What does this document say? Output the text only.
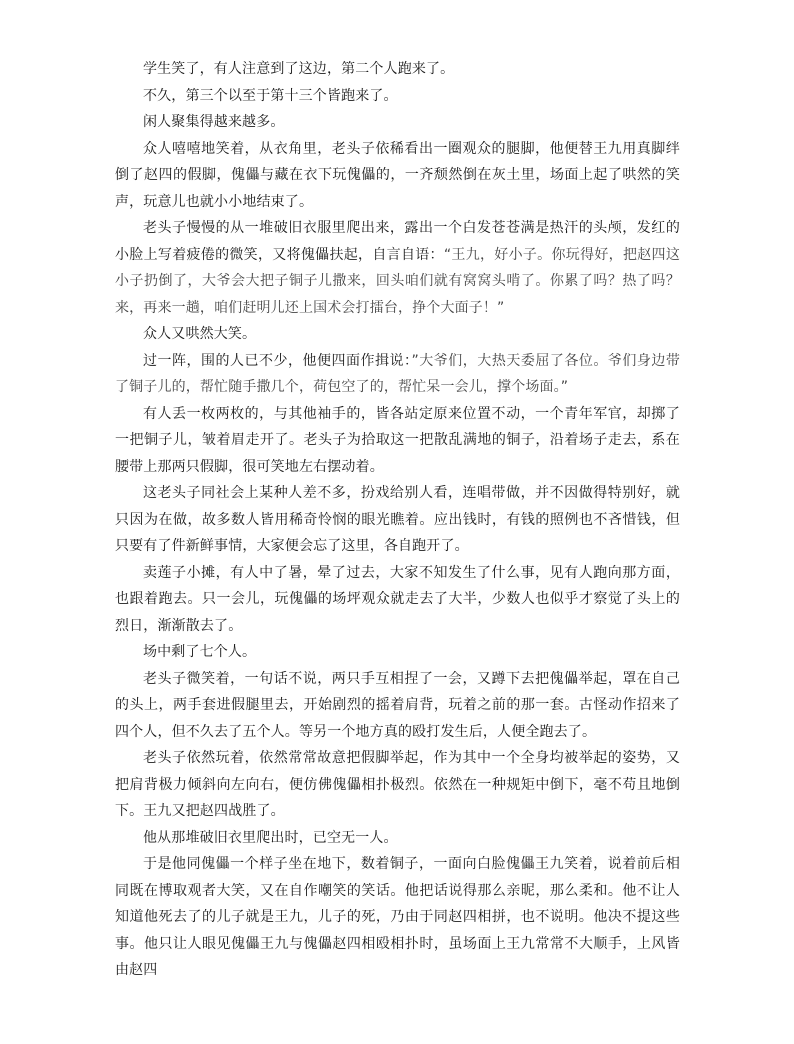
学生笑了，有人注意到了这边，第二个人跑来了。

不久，第三个以至于第十三个皆跑来了。

闲人聚集得越来越多。

众人嘻嘻地笑着，从衣角里，老头子依稀看出一圈观众的腿脚，他便替王九用真脚绊倒了赵四的假脚，傀儡与藏在衣下玩傀儡的，一齐颓然倒在灰土里，场面上起了哄然的笑声，玩意儿也就小小地结束了。

老头子慢慢的从一堆破旧衣服里爬出来，露出一个白发苍苍满是热汗的头颅，发红的小脸上写着疲倦的微笑，又将傀儡扶起，自言自语：“王九，好小子。你玩得好，把赵四这小子扔倒了，大爷会大把子铜子儿撒来，回头咱们就有窝窝头啃了。你累了吗？热了吗？来，再来一趟，咱们赶明儿还上国术会打擂台，挣个大面子！”

众人又哄然大笑。

过一阵，围的人已不少，他便四面作揖说：”大爷们，大热天委屈了各位。爷们身边带了铜子儿的，帮忙随手撒几个，荷包空了的，帮忙呆一会儿，撑个场面。”

有人丢一枚两枚的，与其他袖手的，皆各站定原来位置不动，一个青年军官，却掷了一把铜子儿，皱着眉走开了。老头子为拾取这一把散乱满地的铜子，沿着场子走去，系在腰带上那两只假脚，很可笑地左右摆动着。

这老头子同社会上某种人差不多，扮戏给别人看，连唱带做，并不因做得特别好，就只因为在做，故多数人皆用稀奇怜悯的眼光瞧着。应出钱时，有钱的照例也不吝惜钱，但只要有了件新鲜事情，大家便会忘了这里，各自跑开了。

卖莲子小摊，有人中了暑，晕了过去，大家不知发生了什么事，见有人跑向那方面，也跟着跑去。只一会儿，玩傀儡的场坪观众就走去了大半，少数人也似乎才察觉了头上的烈日，渐渐散去了。

场中剩了七个人。

老头子微笑着，一句话不说，两只手互相捏了一会，又蹲下去把傀儡举起，罩在自己的头上，两手套进假腿里去，开始剧烈的摇着肩背，玩着之前的那一套。古怪动作招来了四个人，但不久去了五个人。等另一个地方真的殴打发生后，人便全跑去了。

老头子依然玩着，依然常常故意把假脚举起，作为其中一个全身均被举起的姿势，又把肩背极力倾斜向左向右，便仿佛傀儡相扑极烈。依然在一种规矩中倒下，毫不苟且地倒下。王九又把赵四战胜了。

他从那堆破旧衣里爬出时，已空无一人。

于是他同傀儡一个样子坐在地下，数着铜子，一面向白脸傀儡王九笑着，说着前后相同既在博取观者大笑，又在自作嘲笑的笑话。他把话说得那么亲昵，那么柔和。他不让人知道他死去了的儿子就是王九，儿子的死，乃由于同赵四相拼，也不说明。他决不提这些事。他只让人眼见傀儡王九与傀儡赵四相殴相扑时，虽场面上王九常常不大顺手，上风皆由赵四
